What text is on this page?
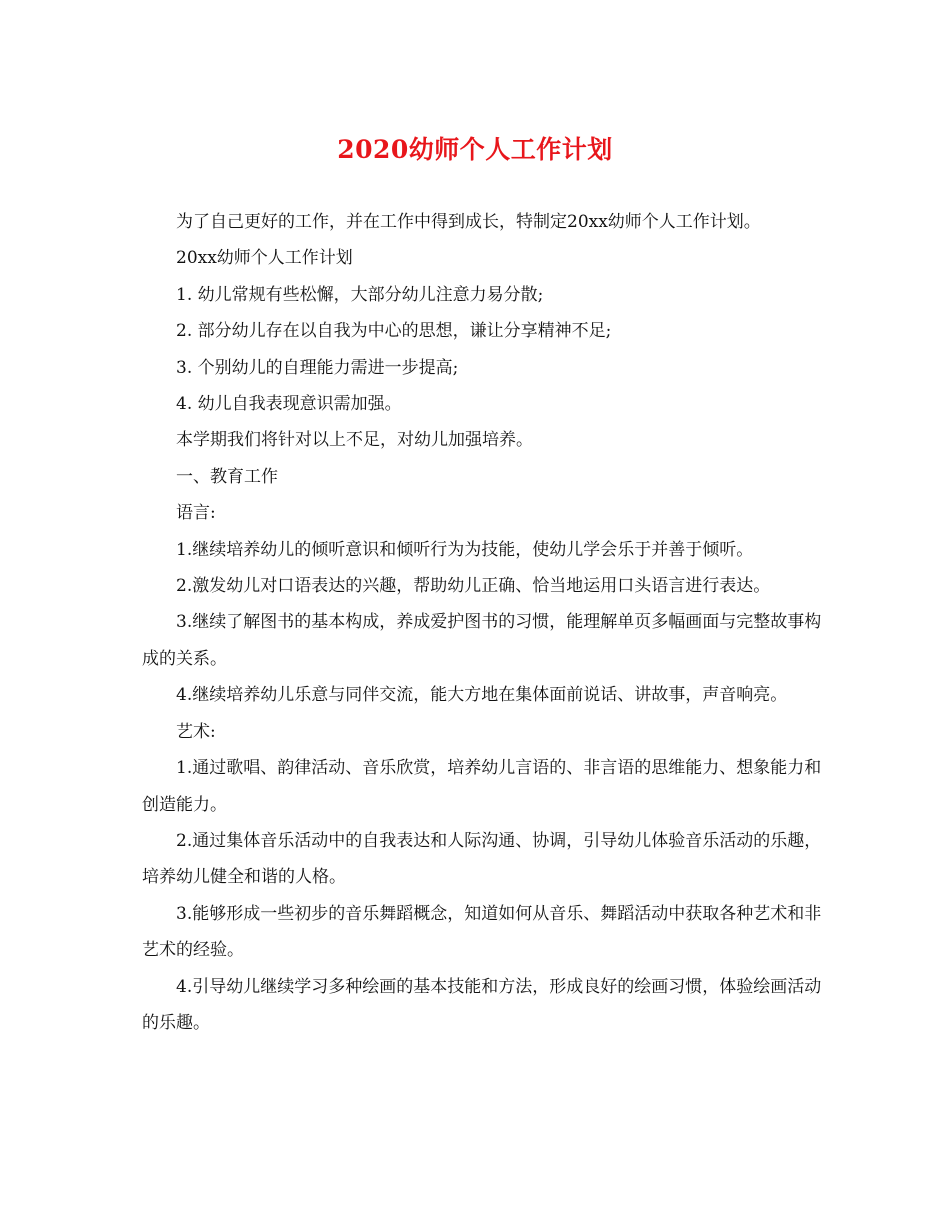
2020幼师个人工作计划

为了自己更好的工作，并在工作中得到成长，特制定20xx幼师个人工作计划。

20xx幼师个人工作计划

1. 幼儿常规有些松懈，大部分幼儿注意力易分散;

2. 部分幼儿存在以自我为中心的思想，谦让分享精神不足;

3. 个别幼儿的自理能力需进一步提高;

4. 幼儿自我表现意识需加强。

本学期我们将针对以上不足，对幼儿加强培养。

一、教育工作

语言:

1.继续培养幼儿的倾听意识和倾听行为为技能，使幼儿学会乐于并善于倾听。

2.激发幼儿对口语表达的兴趣，帮助幼儿正确、恰当地运用口头语言进行表达。

3.继续了解图书的基本构成，养成爱护图书的习惯，能理解单页多幅画面与完整故事构成的关系。

4.继续培养幼儿乐意与同伴交流，能大方地在集体面前说话、讲故事，声音响亮。

艺术:

1.通过歌唱、韵律活动、音乐欣赏，培养幼儿言语的、非言语的思维能力、想象能力和创造能力。

2.通过集体音乐活动中的自我表达和人际沟通、协调，引导幼儿体验音乐活动的乐趣，培养幼儿健全和谐的人格。

3.能够形成一些初步的音乐舞蹈概念，知道如何从音乐、舞蹈活动中获取各种艺术和非艺术的经验。

4.引导幼儿继续学习多种绘画的基本技能和方法，形成良好的绘画习惯，体验绘画活动的乐趣。
